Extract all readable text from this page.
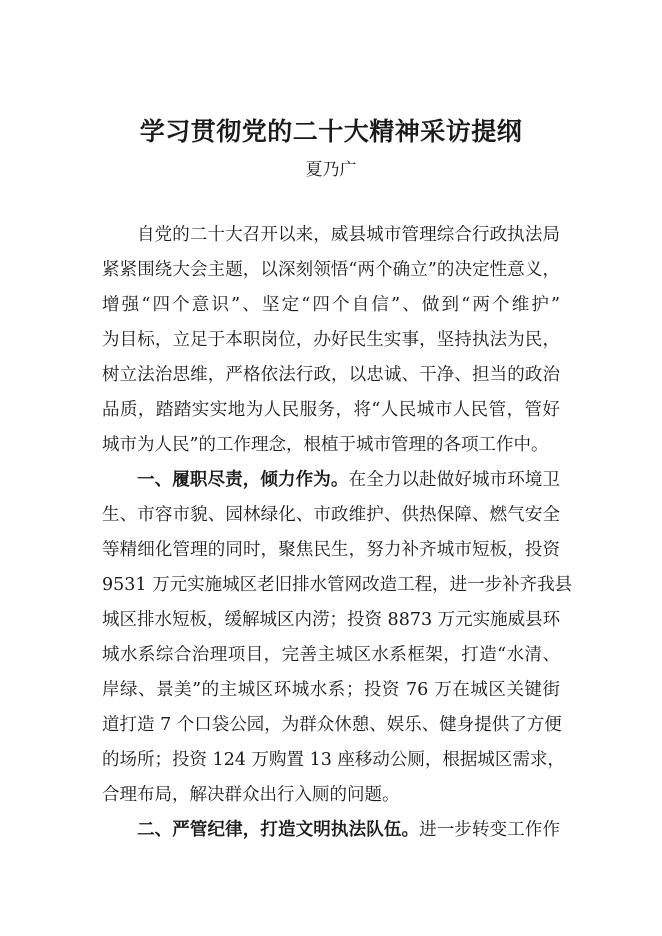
学习贯彻党的二十大精神采访提纲
夏乃广
自党的二十大召开以来，威县城市管理综合行政执法局
紧紧围绕大会主题，以深刻领悟“两个确立”的决定性意义，
增强“四个意识”、坚定“四个自信”、做到“两个维护”
为目标，立足于本职岗位，办好民生实事，坚持执法为民，
树立法治思维，严格依法行政，以忠诚、干净、担当的政治
品质，踏踏实实地为人民服务，将“人民城市人民管，管好
城市为人民”的工作理念，根植于城市管理的各项工作中。
一、履职尽责，倾力作为。在全力以赴做好城市环境卫
生、市容市貌、园林绿化、市政维护、供热保障、燃气安全
等精细化管理的同时，聚焦民生，努力补齐城市短板，投资
9531 万元实施城区老旧排水管网改造工程，进一步补齐我县
城区排水短板，缓解城区内涝；投资 8873 万元实施威县环
城水系综合治理项目，完善主城区水系框架，打造“水清、
岸绿、景美”的主城区环城水系；投资 76 万在城区关键街
道打造 7 个口袋公园，为群众休憩、娱乐、健身提供了方便
的场所；投资 124 万购置 13 座移动公厕，根据城区需求，
合理布局，解决群众出行入厕的问题。
二、严管纪律，打造文明执法队伍。进一步转变工作作
